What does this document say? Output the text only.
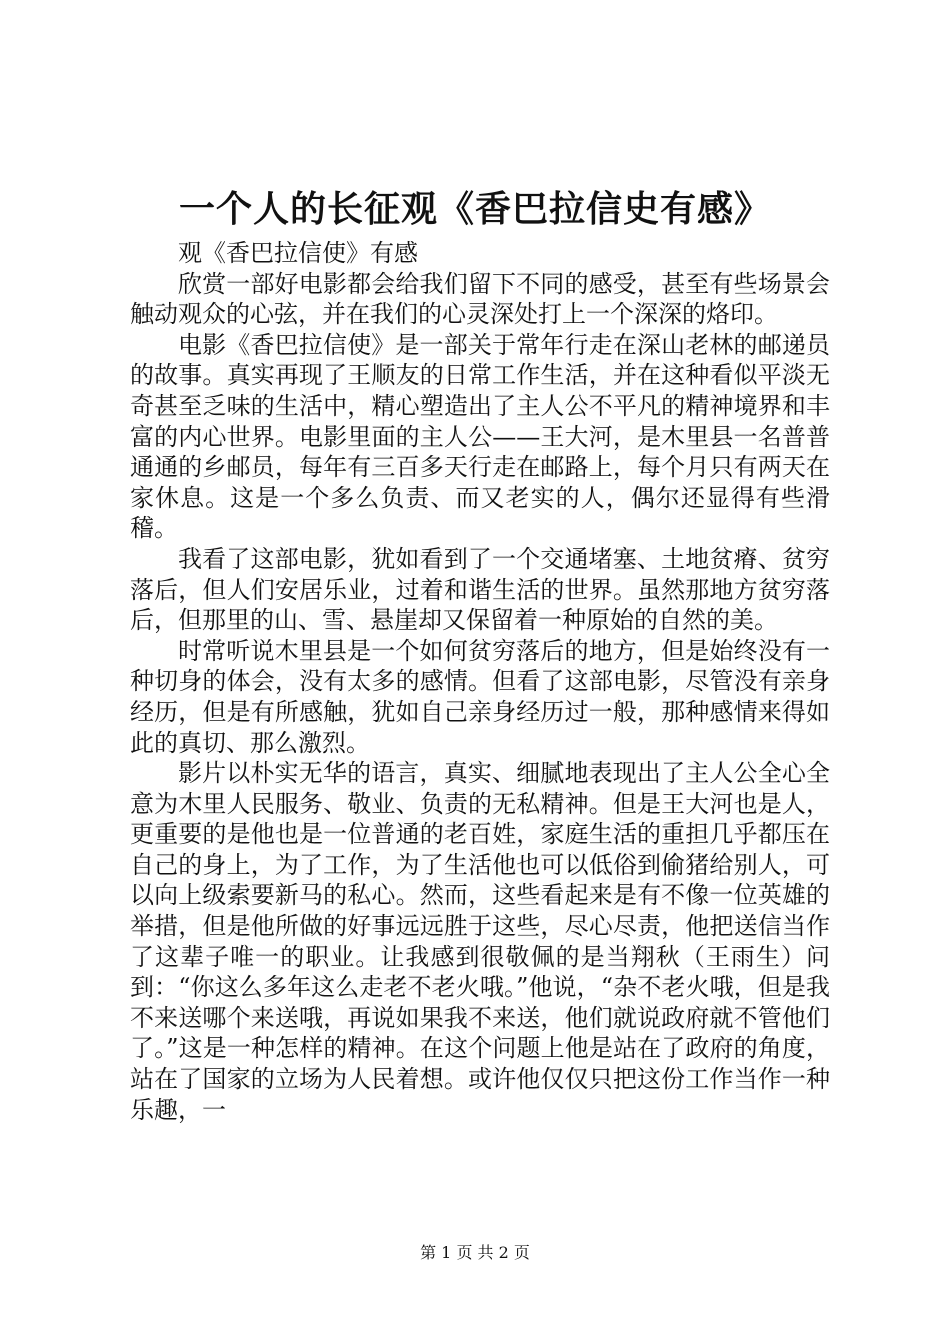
一个人的长征观《香巴拉信史有感》

观《香巴拉信使》有感

欣赏一部好电影都会给我们留下不同的感受，甚至有些场景会触动观众的心弦，并在我们的心灵深处打上一个深深的烙印。

电影《香巴拉信使》是一部关于常年行走在深山老林的邮递员的故事。真实再现了王顺友的日常工作生活，并在这种看似平淡无奇甚至乏味的生活中，精心塑造出了主人公不平凡的精神境界和丰富的内心世界。电影里面的主人公——王大河，是木里县一名普普通通的乡邮员，每年有三百多天行走在邮路上，每个月只有两天在家休息。这是一个多么负责、而又老实的人，偶尔还显得有些滑稽。

我看了这部电影，犹如看到了一个交通堵塞、土地贫瘠、贫穷落后，但人们安居乐业，过着和谐生活的世界。虽然那地方贫穷落后，但那里的山、雪、悬崖却又保留着一种原始的自然的美。

时常听说木里县是一个如何贫穷落后的地方，但是始终没有一种切身的体会，没有太多的感情。但看了这部电影，尽管没有亲身经历，但是有所感触，犹如自己亲身经历过一般，那种感情来得如此的真切、那么激烈。

影片以朴实无华的语言，真实、细腻地表现出了主人公全心全意为木里人民服务、敬业、负责的无私精神。但是王大河也是人，更重要的是他也是一位普通的老百姓，家庭生活的重担几乎都压在自己的身上，为了工作，为了生活他也可以低俗到偷猪给别人，可以向上级索要新马的私心。然而，这些看起来是有不像一位英雄的举措，但是他所做的好事远远胜于这些，尽心尽责，他把送信当作了这辈子唯一的职业。让我感到很敬佩的是当翔秋（王雨生）问到：“你这么多年这么走老不老火哦。”他说，“杂不老火哦，但是我不来送哪个来送哦，再说如果我不来送，他们就说政府就不管他们了。”这是一种怎样的精神。在这个问题上他是站在了政府的角度，站在了国家的立场为人民着想。或许他仅仅只把这份工作当作一种乐趣，一

第 1 页 共 2 页
